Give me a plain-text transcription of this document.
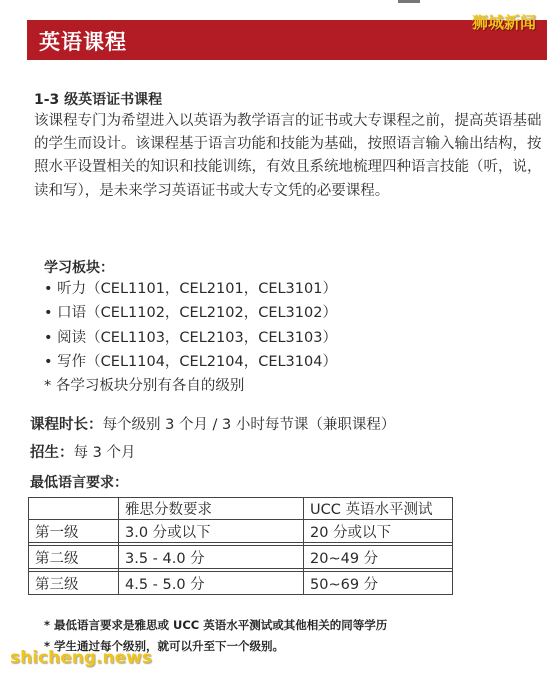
英语课程
狮城新闻
1-3 级英语证书课程

该课程专门为希望进入以英语为教学语言的证书或大专课程之前，提高英语基础的学生而设计。该课程基于语言功能和技能为基础，按照语言输入输出结构，按照水平设置相关的知识和技能训练，有效且系统地梳理四种语言技能（听，说，读和写），是未来学习英语证书或大专文凭的必要课程。

学习板块：
• 听力（CEL1101，CEL2101，CEL3101）
• 口语（CEL1102，CEL2102，CEL3102）
• 阅读（CEL1103，CEL2103，CEL3103）
• 写作（CEL1104，CEL2104，CEL3104）
* 各学习板块分别有各自的级别
课程时长：每个级别 3 个月 / 3 小时每节课（兼职课程）
招生：每 3 个月
最低语言要求：
	雅思分数要求	UCC 英语水平测试
第一级	3.0 分或以下	20 分或以下

第二级	3.5 - 4.0 分	20~49 分

第三级	4.5 - 5.0 分	50~69 分
* 最低语言要求是雅思或 UCC 英语水平测试或其他相关的同等学历
* 学生通过每个级别，就可以升至下一个级别。
shicheng.news
